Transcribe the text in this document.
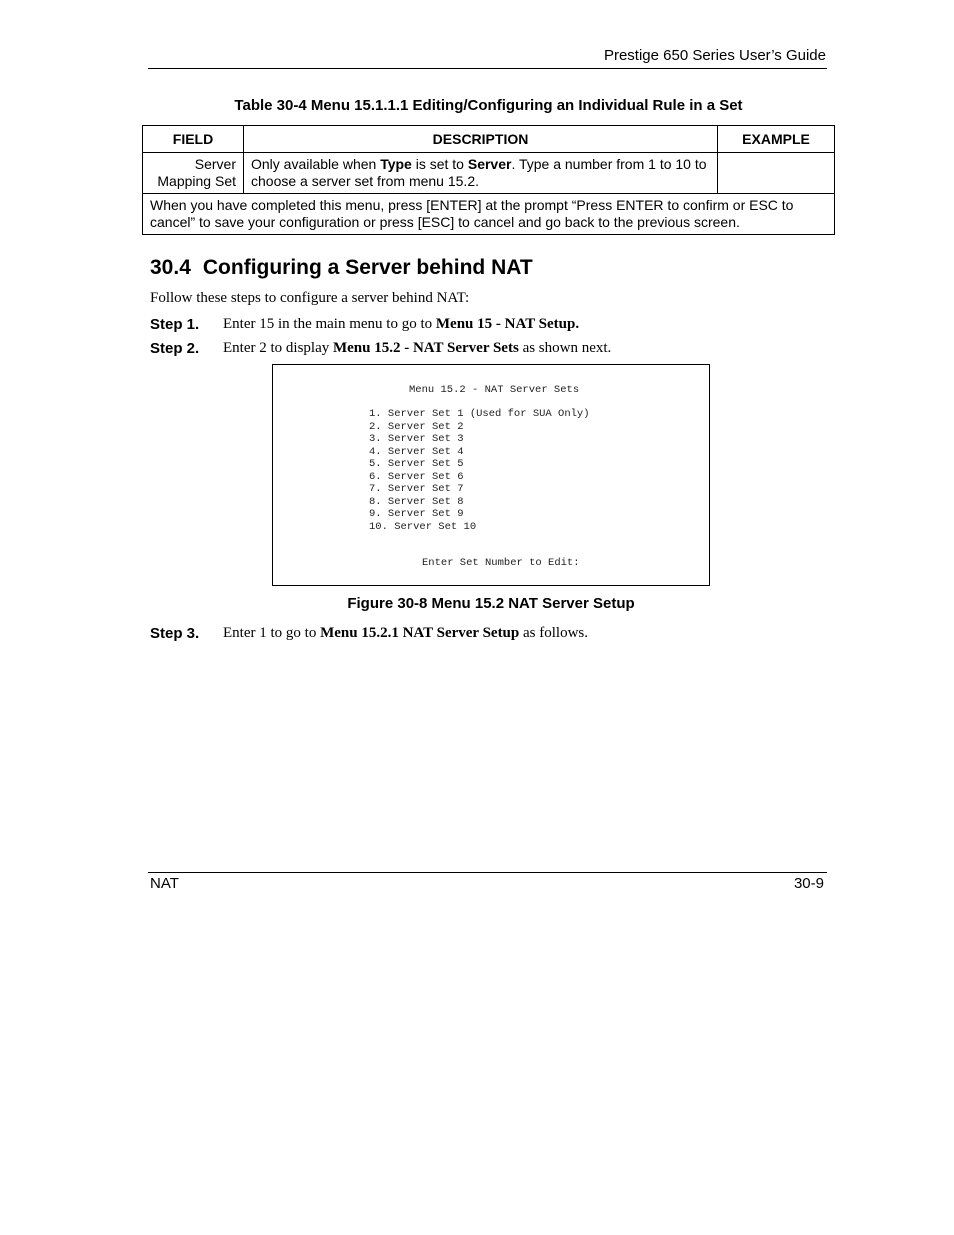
Prestige 650 Series User’s Guide
Table 30-4 Menu 15.1.1.1 Editing/Configuring an Individual Rule in a Set
FIELD	DESCRIPTION	EXAMPLE
Server
Mapping Set	Only available when Type is set to Server. Type a number from 1 to 10 to choose a server set from menu 15.2.	
When you have completed this menu, press [ENTER] at the prompt “Press ENTER to confirm or ESC to cancel” to save your configuration or press [ESC] to cancel and go back to the previous screen.		
30.4 Configuring a Server behind NAT
Follow these steps to configure a server behind NAT:
Step 1. Enter 15 in the main menu to go to Menu 15 - NAT Setup.
Step 2. Enter 2 to display Menu 15.2 - NAT Server Sets as shown next.
Menu 15.2 - NAT Server Sets
1. Server Set 1 (Used for SUA Only)
2. Server Set 2
3. Server Set 3
4. Server Set 4
5. Server Set 5
6. Server Set 6
7. Server Set 7
8. Server Set 8
9. Server Set 9
10. Server Set 10
Enter Set Number to Edit:
Figure 30-8 Menu 15.2 NAT Server Setup
Step 3. Enter 1 to go to Menu 15.2.1 NAT Server Setup as follows.
NAT	30-9
